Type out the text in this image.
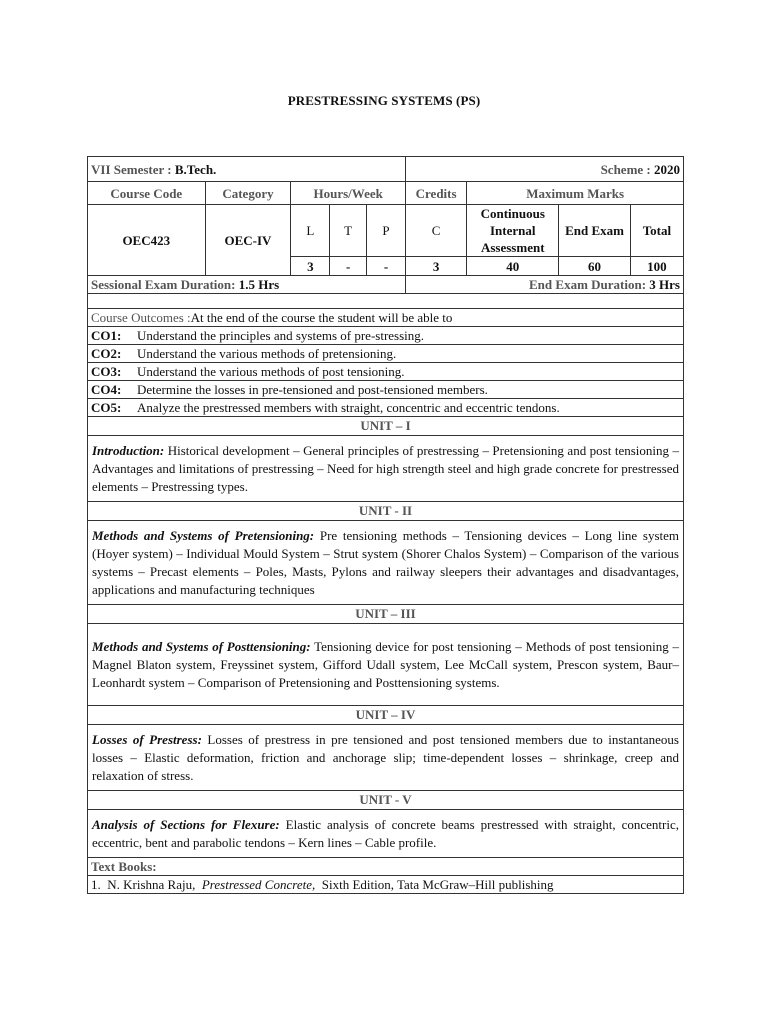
PRESTRESSING SYSTEMS (PS)
VII Semester : B.Tech.					Scheme : 2020			
Course Code	Category	Hours/Week			Credits	Maximum Marks		
OEC423	OEC-IV	L	T	P	C	Continuous Internal Assessment	End Exam	Total
		3	-	-	3	40	60	100
Sessional Exam Duration: 1.5 Hrs					End Exam Duration: 3 Hrs			

Course Outcomes :At the end of the course the student will be able to								
CO1: Understand the principles and systems of pre-stressing.								
CO2: Understand the various methods of pretensioning.								
CO3: Understand the various methods of post tensioning.								
CO4: Determine the losses in pre-tensioned and post-tensioned members.								
CO5: Analyze the prestressed members with straight, concentric and eccentric tendons.								
UNIT – I								
Introduction: Historical development – General principles of prestressing – Pretensioning and post tensioning – Advantages and limitations of prestressing – Need for high strength steel and high grade concrete for prestressed elements – Prestressing types.								
UNIT - II								
Methods and Systems of Pretensioning: Pre tensioning methods – Tensioning devices – Long line system (Hoyer system) – Individual Mould System – Strut system (Shorer Chalos System) – Comparison of the various systems – Precast elements – Poles, Masts, Pylons and railway sleepers their advantages and disadvantages, applications and manufacturing techniques								
UNIT – III								
Methods and Systems of Posttensioning: Tensioning device for post tensioning – Methods of post tensioning – Magnel Blaton system, Freyssinet system, Gifford Udall system, Lee McCall system, Prescon system, Baur–Leonhardt system – Comparison of Pretensioning and Posttensioning systems.								
UNIT – IV								
Losses of Prestress: Losses of prestress in pre tensioned and post tensioned members due to instantaneous losses – Elastic deformation, friction and anchorage slip; time-dependent losses – shrinkage, creep and relaxation of stress.								
UNIT - V								
Analysis of Sections for Flexure: Elastic analysis of concrete beams prestressed with straight, concentric, eccentric, bent and parabolic tendons – Kern lines – Cable profile.								
Text Books:								
1. N. Krishna Raju, Prestressed Concrete, Sixth Edition, Tata McGraw–Hill publishing								
